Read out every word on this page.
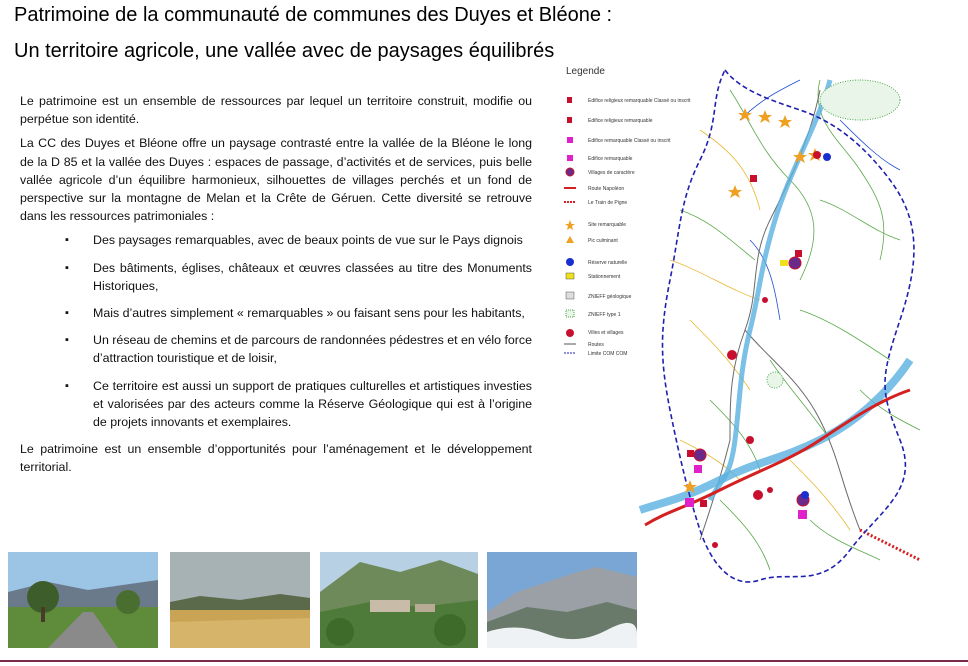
Patrimoine de la communauté de communes des Duyes et Bléone :
Un territoire agricole, une vallée avec de paysages équilibrés

Le patrimoine est un ensemble de ressources par lequel un territoire construit, modifie ou perpétue son identité.

La CC des Duyes et Bléone offre un paysage contrasté entre la vallée de la Bléone le long de la D 85 et la vallée des Duyes : espaces de passage, d’activités et de services, puis belle vallée agricole d’un équilibre harmonieux, silhouettes de villages perchés et un fond de perspective sur la montagne de Melan et la Crête de Géruen. Cette diversité se retrouve dans les ressources patrimoniales :

▪ Des paysages remarquables, avec de beaux points de vue sur le Pays dignois
▪ Des bâtiments, églises, châteaux et œuvres classées au titre des Monuments Historiques,
▪ Mais d’autres simplement « remarquables » ou faisant sens pour les habitants,
▪ Un réseau de chemins et de parcours de randonnées pédestres et en vélo force d’attraction touristique et de loisir,
▪ Ce territoire est aussi un support de pratiques culturelles et artistiques investies et valorisées par des acteurs comme la Réserve Géologique qui est à l’origine de projets innovants et exemplaires.

Le patrimoine est un ensemble d’opportunités pour l’aménagement et le développement territorial.

Legende
Edifice religieux remarquable Classé ou inscrit
Edifice religieux remarquable
Edifice remarquable Classé ou inscrit
Edifice remarquable
Villages de caractère
Route Napoléon
Le Train de Pigne
Site remarquable
Pic culminant
Réserve naturelle
Stationnement
ZNIEFF géologique
ZNIEFF type 1
Villes et villages
Routes
Limite COM COM
